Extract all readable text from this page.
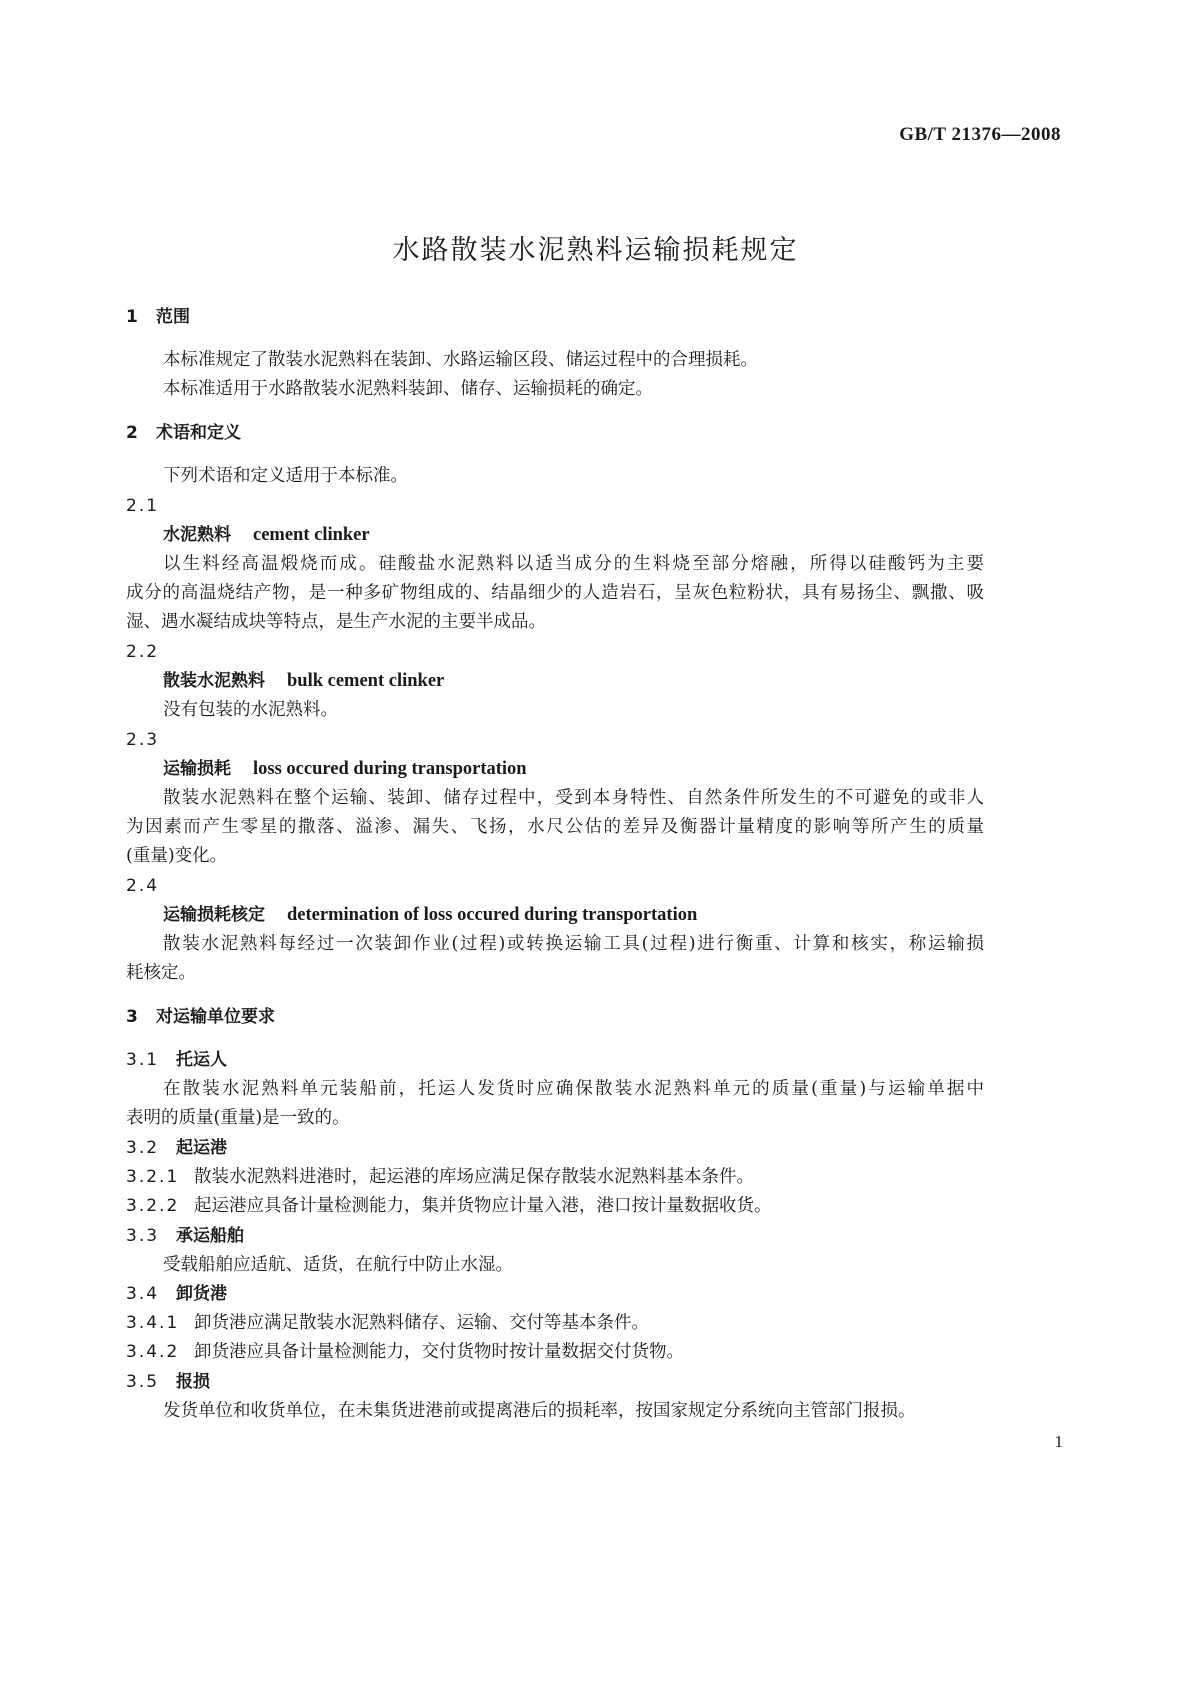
GB/T 21376—2008
水路散装水泥熟料运输损耗规定
1 范围
本标准规定了散装水泥熟料在装卸、水路运输区段、储运过程中的合理损耗。
本标准适用于水路散装水泥熟料装卸、储存、运输损耗的确定。
2 术语和定义
下列术语和定义适用于本标准。
2.1
水泥熟料 cement clinker
以生料经高温煅烧而成。硅酸盐水泥熟料以适当成分的生料烧至部分熔融，所得以硅酸钙为主要
成分的高温烧结产物，是一种多矿物组成的、结晶细少的人造岩石，呈灰色粒粉状，具有易扬尘、飘撒、吸
湿、遇水凝结成块等特点，是生产水泥的主要半成品。
2.2
散装水泥熟料 bulk cement clinker
没有包装的水泥熟料。
2.3
运输损耗 loss occured during transportation
散装水泥熟料在整个运输、装卸、储存过程中，受到本身特性、自然条件所发生的不可避免的或非人
为因素而产生零星的撒落、溢渗、漏失、飞扬，水尺公估的差异及衡器计量精度的影响等所产生的质量
(重量)变化。
2.4
运输损耗核定 determination of loss occured during transportation
散装水泥熟料每经过一次装卸作业(过程)或转换运输工具(过程)进行衡重、计算和核实，称运输损
耗核定。
3 对运输单位要求
3.1 托运人
在散装水泥熟料单元装船前，托运人发货时应确保散装水泥熟料单元的质量(重量)与运输单据中
表明的质量(重量)是一致的。
3.2 起运港
3.2.1 散装水泥熟料进港时，起运港的库场应满足保存散装水泥熟料基本条件。
3.2.2 起运港应具备计量检测能力，集并货物应计量入港，港口按计量数据收货。
3.3 承运船舶
受载船舶应适航、适货，在航行中防止水湿。
3.4 卸货港
3.4.1 卸货港应满足散装水泥熟料储存、运输、交付等基本条件。
3.4.2 卸货港应具备计量检测能力，交付货物时按计量数据交付货物。
3.5 报损
发货单位和收货单位，在未集货进港前或提离港后的损耗率，按国家规定分系统向主管部门报损。
1
